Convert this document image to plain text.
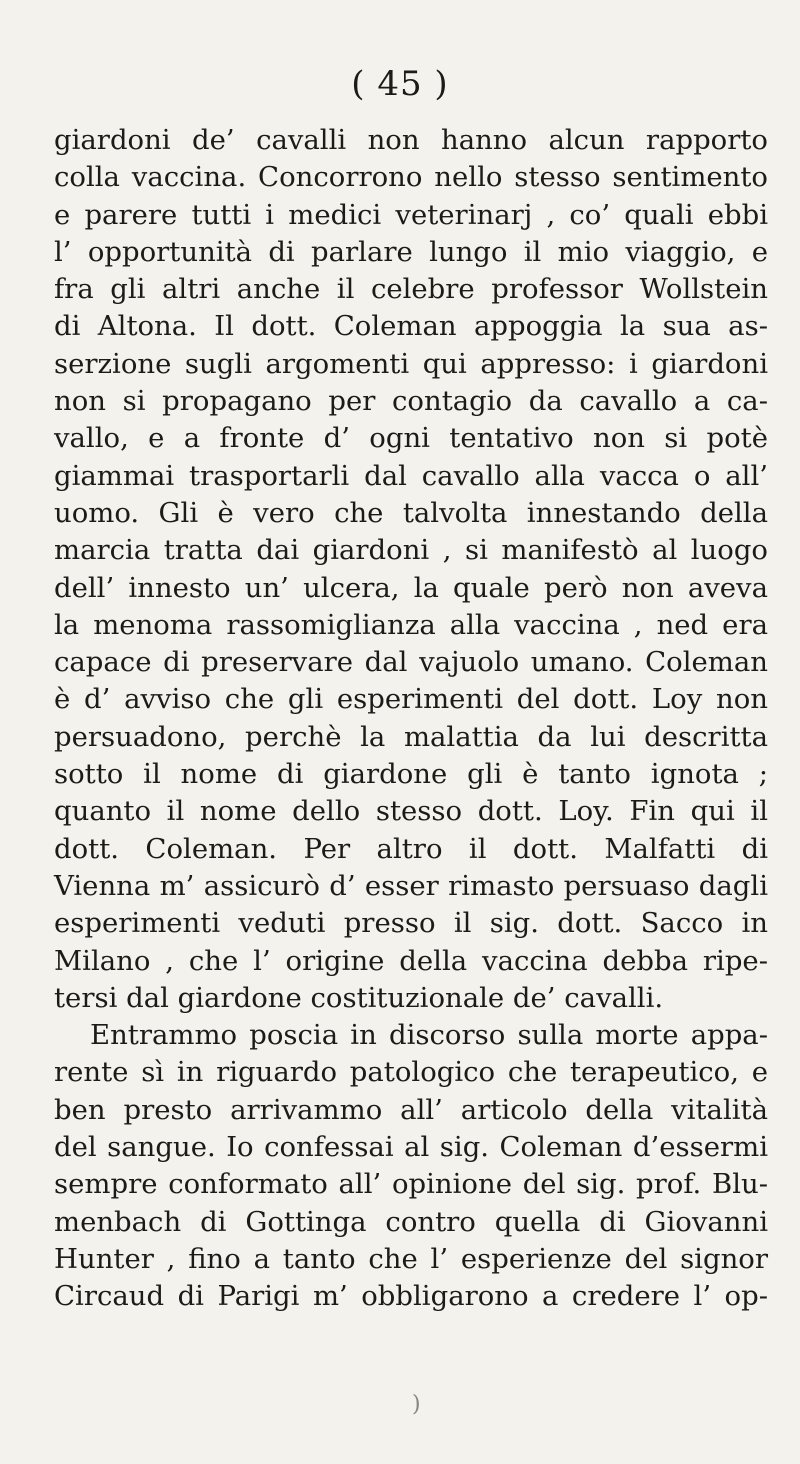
( 45 )
giardoni de’ cavalli non hanno alcun rapporto
colla vaccina. Concorrono nello stesso sentimento
e parere tutti i medici veterinarj , co’ quali ebbi
l’ opportunità di parlare lungo il mio viaggio, e
fra gli altri anche il celebre professor Wollstein
di Altona. Il dott. Coleman appoggia la sua as-
serzione sugli argomenti qui appresso: i giardoni
non si propagano per contagio da cavallo a ca-
vallo, e a fronte d’ ogni tentativo non si potè
giammai trasportarli dal cavallo alla vacca o all’
uomo. Gli è vero che talvolta innestando della
marcia tratta dai giardoni , si manifestò al luogo
dell’ innesto un’ ulcera, la quale però non aveva
la menoma rassomiglianza alla vaccina , ned era
capace di preservare dal vajuolo umano. Coleman
è d’ avviso che gli esperimenti del dott. Loy non
persuadono, perchè la malattia da lui descritta
sotto il nome di giardone gli è tanto ignota ;
quanto il nome dello stesso dott. Loy. Fin qui il
dott. Coleman. Per altro il dott. Malfatti di
Vienna m’ assicurò d’ esser rimasto persuaso dagli
esperimenti veduti presso il sig. dott. Sacco in
Milano , che l’ origine della vaccina debba ripe-
tersi dal giardone costituzionale de’ cavalli.
Entrammo poscia in discorso sulla morte appa-
rente sì in riguardo patologico che terapeutico, e
ben presto arrivammo all’ articolo della vitalità
del sangue. Io confessai al sig. Coleman d’essermi
sempre conformato all’ opinione del sig. prof. Blu-
menbach di Gottinga contro quella di Giovanni
Hunter , fino a tanto che l’ esperienze del signor
Circaud di Parigi m’ obbligarono a credere l’ op-
)
